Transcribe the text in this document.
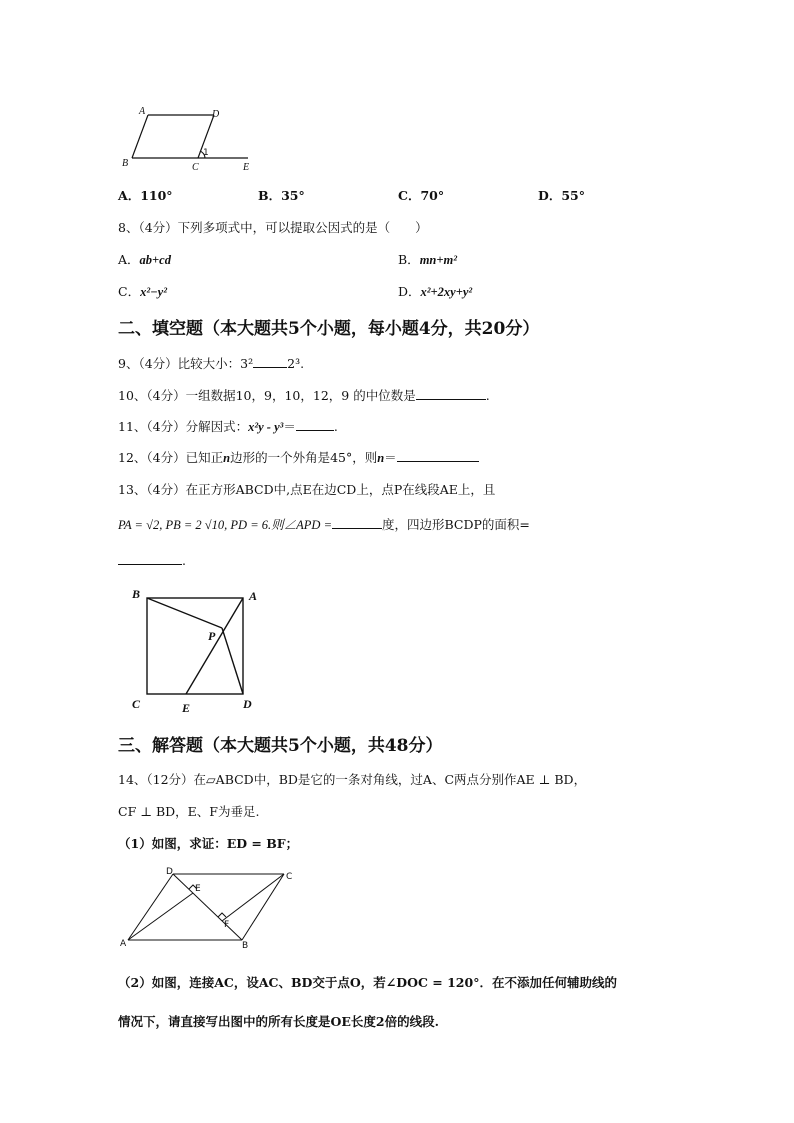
A	D
B	C	E
1
A．110°	B．35°	C．70°	D．55°
8、（4分）下列多项式中，可以提取公因式的是（　　）
A．ab+cd	B．mn+m²
C．x²−y²	D．x²+2xy+y²
二、填空题（本大题共5个小题，每小题4分，共20分）
9、（4分）比较大小：3²	2³.
10、（4分）一组数据10，9，10，12，9 的中位数是	.
11、（4分）分解因式：x²y - y³＝	.
12、（4分）已知正n边形的一个外角是45°，则n＝
13、（4分）在正方形ABCD中,点E在边CD上，点P在线段AE上，且
PA = √2, PB = 2 √10, PD = 6.则∠APD =	度，四边形BCDP的面积=
.
B	A
P
C	D
E
三、解答题（本大题共5个小题，共48分）
14、（12分）在▱ABCD中，BD是它的一条对角线，过A、C两点分别作AE ⊥ BD，
CF ⊥ BD，E、F为垂足.
（1）如图，求证：ED = BF；
D
E
C
F
A	B
（2）如图，连接AC，设AC、BD交于点O，若∠DOC = 120°．在不添加任何辅助线的
情况下，请直接写出图中的所有长度是OE长度2倍的线段.
